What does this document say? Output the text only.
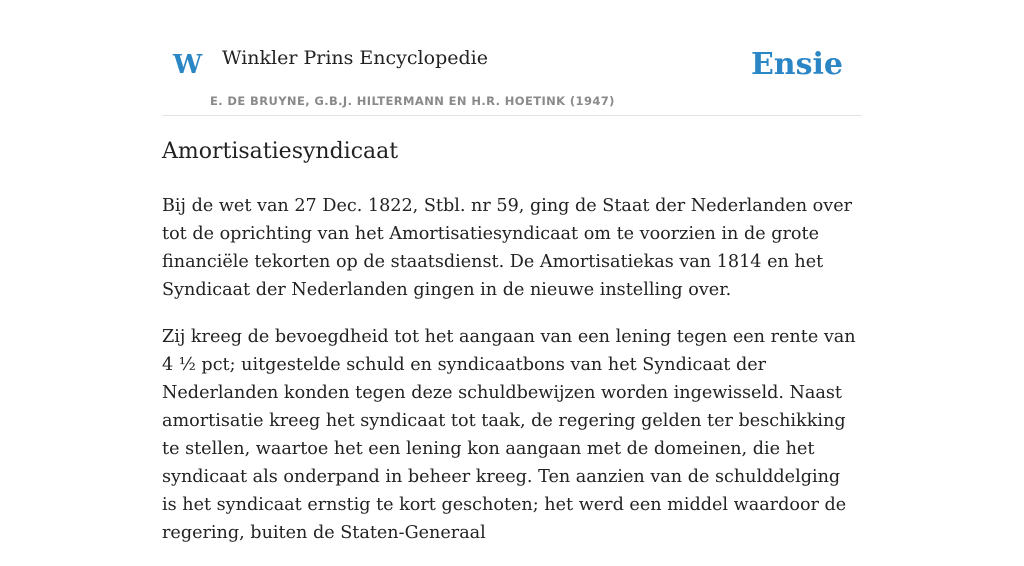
W Winkler Prins Encyclopedie
E. DE BRUYNE, G.B.J. HILTERMANN EN H.R. HOETINK (1947)
Ensie
Amortisatiesyndicaat

Bij de wet van 27 Dec. 1822, Stbl. nr 59, ging de Staat der Nederlanden over tot de oprichting van het Amortisatiesyndicaat om te voorzien in de grote financiële tekorten op de staatsdienst. De Amortisatiekas van 1814 en het Syndicaat der Nederlanden gingen in de nieuwe instelling over.

Zij kreeg de bevoegdheid tot het aangaan van een lening tegen een rente van 4 ½ pct; uitgestelde schuld en syndicaatbons van het Syndicaat der Nederlanden konden tegen deze schuldbewijzen worden ingewisseld. Naast amortisatie kreeg het syndicaat tot taak, de regering gelden ter beschikking te stellen, waartoe het een lening kon aangaan met de domeinen, die het syndicaat als onderpand in beheer kreeg. Ten aanzien van de schulddelging is het syndicaat ernstig te kort geschoten; het werd een middel waardoor de regering, buiten de Staten-Generaal
